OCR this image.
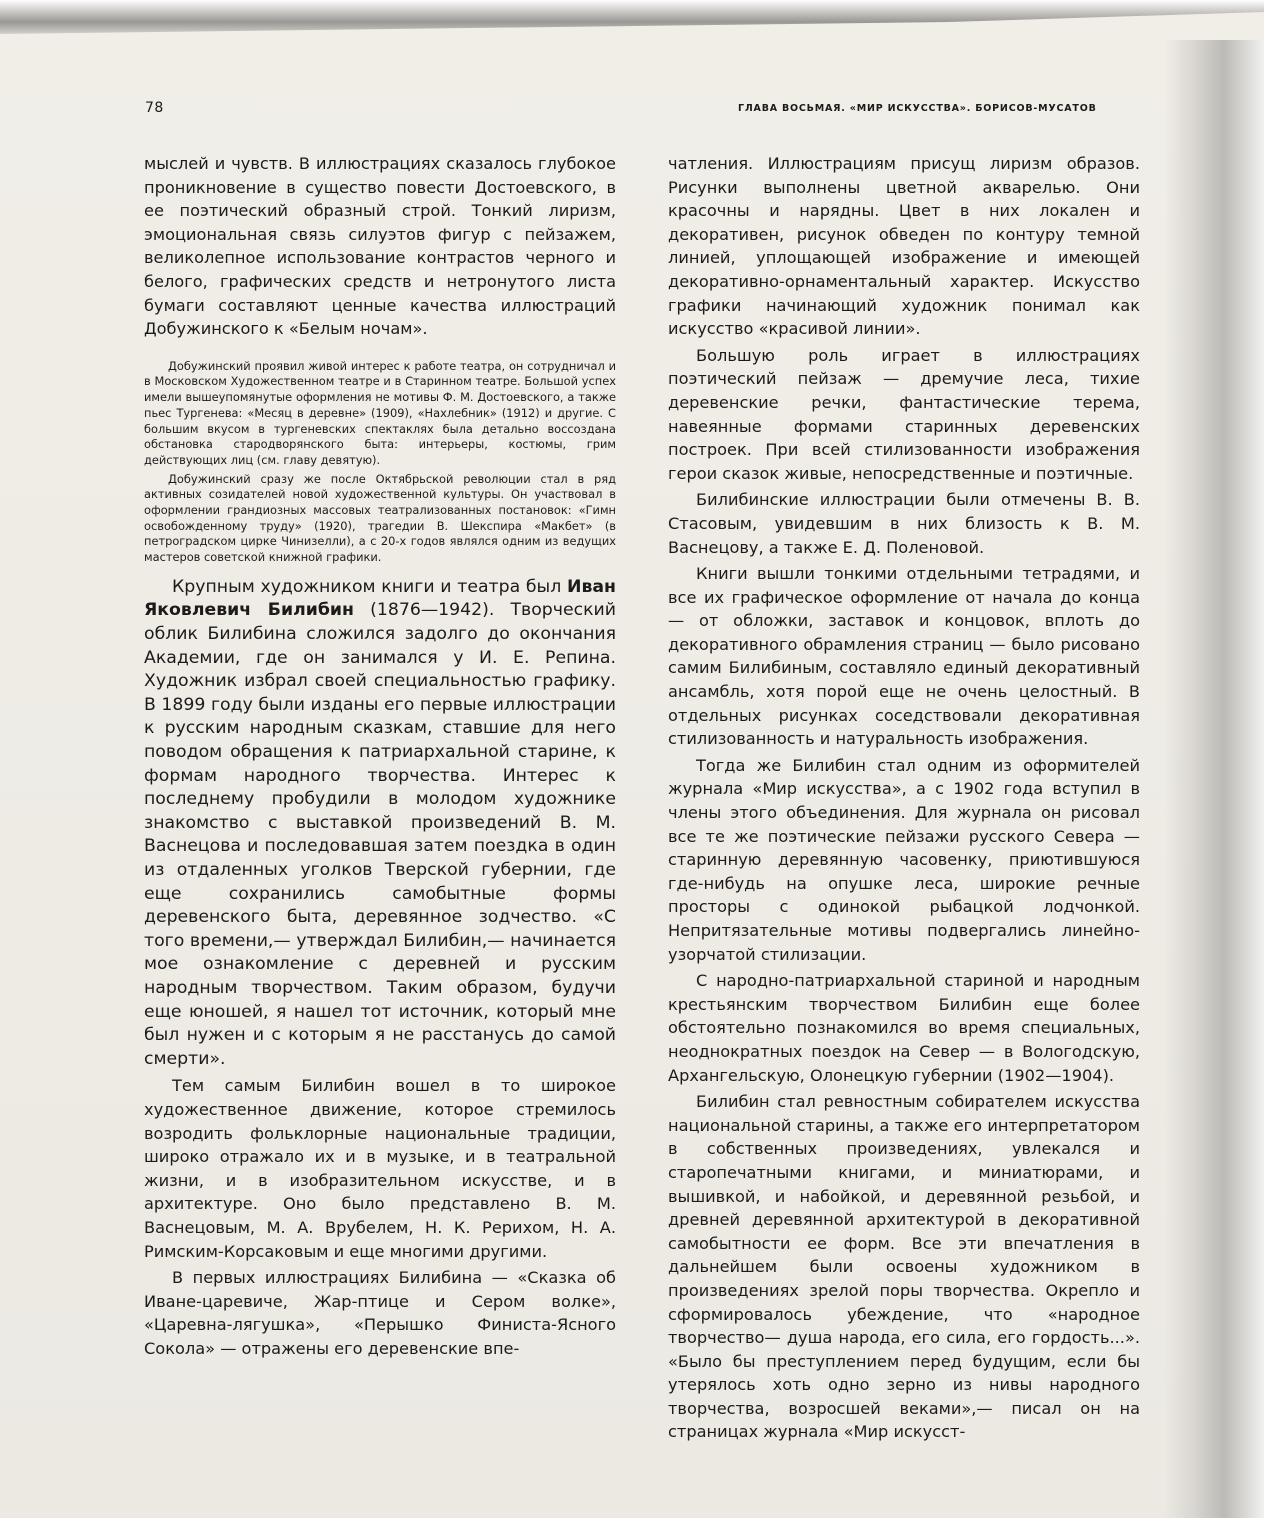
78	ГЛАВА ВОСЬМАЯ. «МИР ИСКУССТВА». БОРИСОВ-МУСАТОВ

мыслей и чувств. В иллюстрациях сказалось глубокое проникновение в существо повести Достоевского, в ее поэтический образный строй. Тонкий лиризм, эмоциональная связь силуэтов фигур с пейзажем, великолепное использование контрастов черного и белого, графических средств и нетронутого листа бумаги составляют ценные качества иллюстраций Добужинского к «Белым ночам».

Добужинский проявил живой интерес к работе театра, он сотрудничал и в Московском Художественном театре и в Старинном театре. Большой успех имели вышеупомянутые оформления не мотивы Ф. М. Достоевского, а также пьес Тургенева: «Месяц в деревне» (1909), «Нахлебник» (1912) и другие. С большим вкусом в тургеневских спектаклях была детально воссоздана обстановка стародворянского быта: интерьеры, костюмы, грим действующих лиц (см. главу девятую).

Добужинский сразу же после Октябрьской революции стал в ряд активных созидателей новой художественной культуры. Он участвовал в оформлении грандиозных массовых театрализованных постановок: «Гимн освобожденному труду» (1920), трагедии В. Шекспира «Макбет» (в петроградском цирке Чинизелли), а с 20-х годов являлся одним из ведущих мастеров советской книжной графики.

Крупным художником книги и театра был Иван Яковлевич Билибин (1876—1942). Творческий облик Билибина сложился задолго до окончания Академии, где он занимался у И. Е. Репина. Художник избрал своей специальностью графику. В 1899 году были изданы его первые иллюстрации к русским народным сказкам, ставшие для него поводом обращения к патриархальной старине, к формам народного творчества. Интерес к последнему пробудили в молодом художнике знакомство с выставкой произведений В. М. Васнецова и последовавшая затем поездка в один из отдаленных уголков Тверской губернии, где еще сохранились самобытные формы деревенского быта, деревянное зодчество. «С того времени,— утверждал Билибин,— начинается мое ознакомление с деревней и русским народным творчеством. Таким образом, будучи еще юношей, я нашел тот источник, который мне был нужен и с которым я не расстанусь до самой смерти».

Тем самым Билибин вошел в то широкое художественное движение, которое стремилось возродить фольклорные национальные традиции, широко отражало их и в музыке, и в театральной жизни, и в изобразительном искусстве, и в архитектуре. Оно было представлено В. М. Васнецовым, М. А. Врубелем, Н. К. Рерихом, Н. А. Римским-Корсаковым и еще многими другими.

В первых иллюстрациях Билибина — «Сказка об Иване-царевиче, Жар-птице и Сером волке», «Царевна-лягушка», «Перышко Финиста-Ясного Сокола» — отражены его деревенские впе-

чатления. Иллюстрациям присущ лиризм образов. Рисунки выполнены цветной акварелью. Они красочны и нарядны. Цвет в них локален и декоративен, рисунок обведен по контуру темной линией, уплощающей изображение и имеющей декоративно-орнаментальный характер. Искусство графики начинающий художник понимал как искусство «красивой линии».

Большую роль играет в иллюстрациях поэтический пейзаж — дремучие леса, тихие деревенские речки, фантастические терема, навеянные формами старинных деревенских построек. При всей стилизованности изображения герои сказок живые, непосредственные и поэтичные.

Билибинские иллюстрации были отмечены В. В. Стасовым, увидевшим в них близость к В. М. Васнецову, а также Е. Д. Поленовой.

Книги вышли тонкими отдельными тетрадями, и все их графическое оформление от начала до конца — от обложки, заставок и концовок, вплоть до декоративного обрамления страниц — было рисовано самим Билибиным, составляло единый декоративный ансамбль, хотя порой еще не очень целостный. В отдельных рисунках соседствовали декоративная стилизованность и натуральность изображения.

Тогда же Билибин стал одним из оформителей журнала «Мир искусства», а с 1902 года вступил в члены этого объединения. Для журнала он рисовал все те же поэтические пейзажи русского Севера — старинную деревянную часовенку, приютившуюся где-нибудь на опушке леса, широкие речные просторы с одинокой рыбацкой лодчонкой. Непритязательные мотивы подвергались линейно-узорчатой стилизации.

С народно-патриархальной стариной и народным крестьянским творчеством Билибин еще более обстоятельно познакомился во время специальных, неоднократных поездок на Север — в Вологодскую, Архангельскую, Олонецкую губернии (1902—1904).

Билибин стал ревностным собирателем искусства национальной старины, а также его интерпретатором в собственных произведениях, увлекался и старопечатными книгами, и миниатюрами, и вышивкой, и набойкой, и деревянной резьбой, и древней деревянной архитектурой в декоративной самобытности ее форм. Все эти впечатления в дальнейшем были освоены художником в произведениях зрелой поры творчества. Окрепло и сформировалось убеждение, что «народное творчество— душа народа, его сила, его гордость...». «Было бы преступлением перед будущим, если бы утерялось хоть одно зерно из нивы народного творчества, возросшей веками»,— писал он на страницах журнала «Мир искусст-
